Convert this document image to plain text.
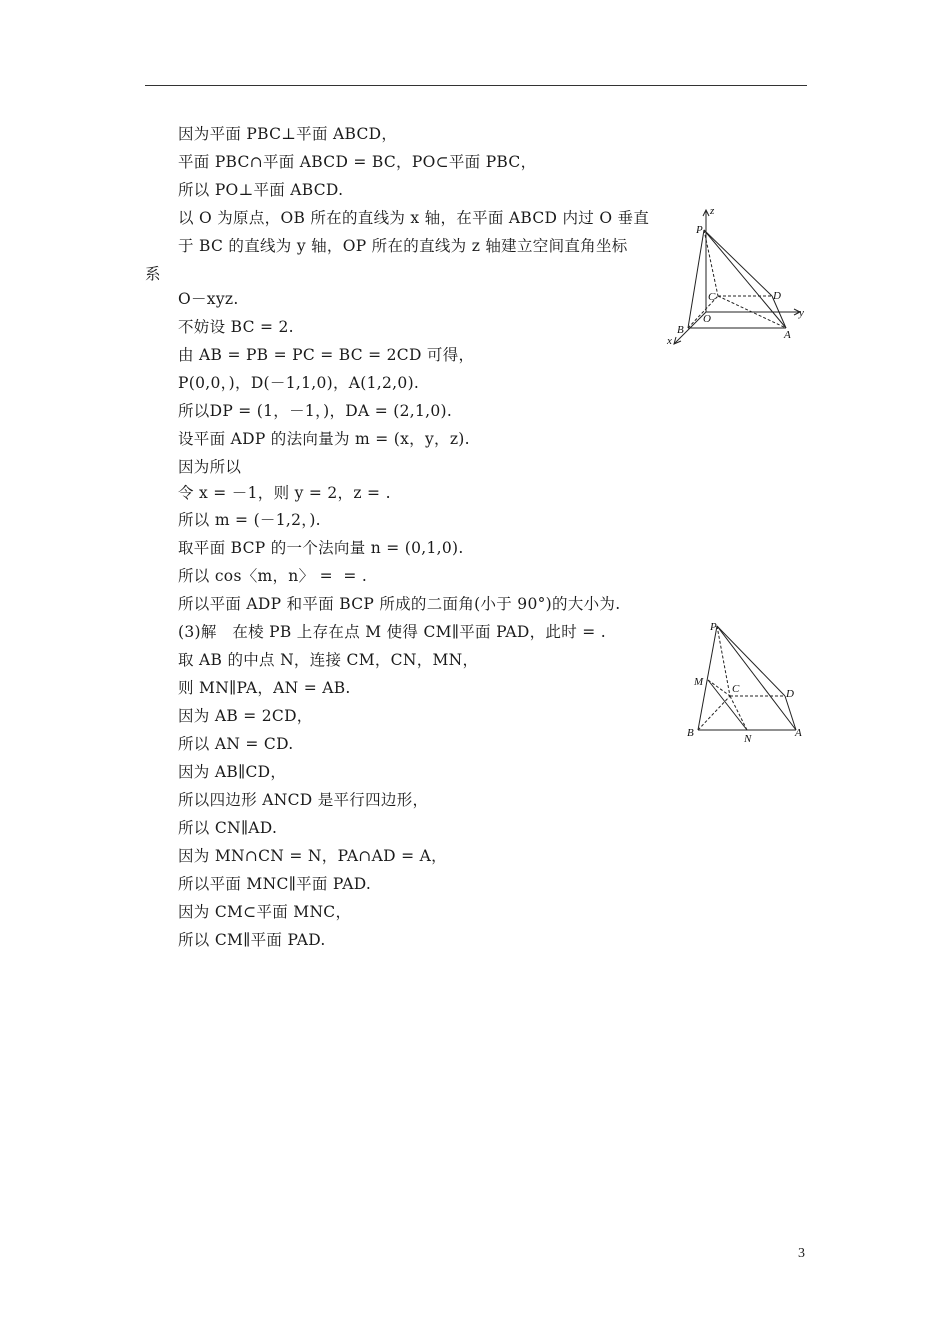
因为平面 PBC⊥平面 ABCD，
平面 PBC∩平面 ABCD = BC，PO⊂平面 PBC，
所以 PO⊥平面 ABCD.
以 O 为原点，OB 所在的直线为 x 轴，在平面 ABCD 内过 O 垂直
于 BC 的直线为 y 轴，OP 所在的直线为 z 轴建立空间直角坐标
系
O－xyz.
不妨设 BC = 2.
由 AB = PB = PC = BC = 2CD 可得，
P(0,0，)，D(－1,1,0)，A(1,2,0).
所以DP = (1，－1，)，DA = (2,1,0).
设平面 ADP 的法向量为 m = (x，y，z).
因为所以
令 x = －1，则 y = 2，z = .
所以 m = (－1,2，).
取平面 BCP 的一个法向量 n = (0,1,0).
所以 cos〈m，n〉 =  = .
所以平面 ADP 和平面 BCP 所成的二面角(小于 90°)的大小为.
(3)解   在棱 PB 上存在点 M 使得 CM∥平面 PAD，此时 = .
取 AB 的中点 N，连接 CM，CN，MN，
则 MN∥PA，AN = AB.
因为 AB = 2CD，
所以 AN = CD.
因为 AB∥CD，
所以四边形 ANCD 是平行四边形，
所以 CN∥AD.
因为 MN∩CN = N，PA∩AD = A，
所以平面 MNC∥平面 PAD.
因为 CM⊂平面 MNC，
所以 CM∥平面 PAD.
z
P
C	D
y
O
B	A
x
P
M
C	D
B	N	A
3
